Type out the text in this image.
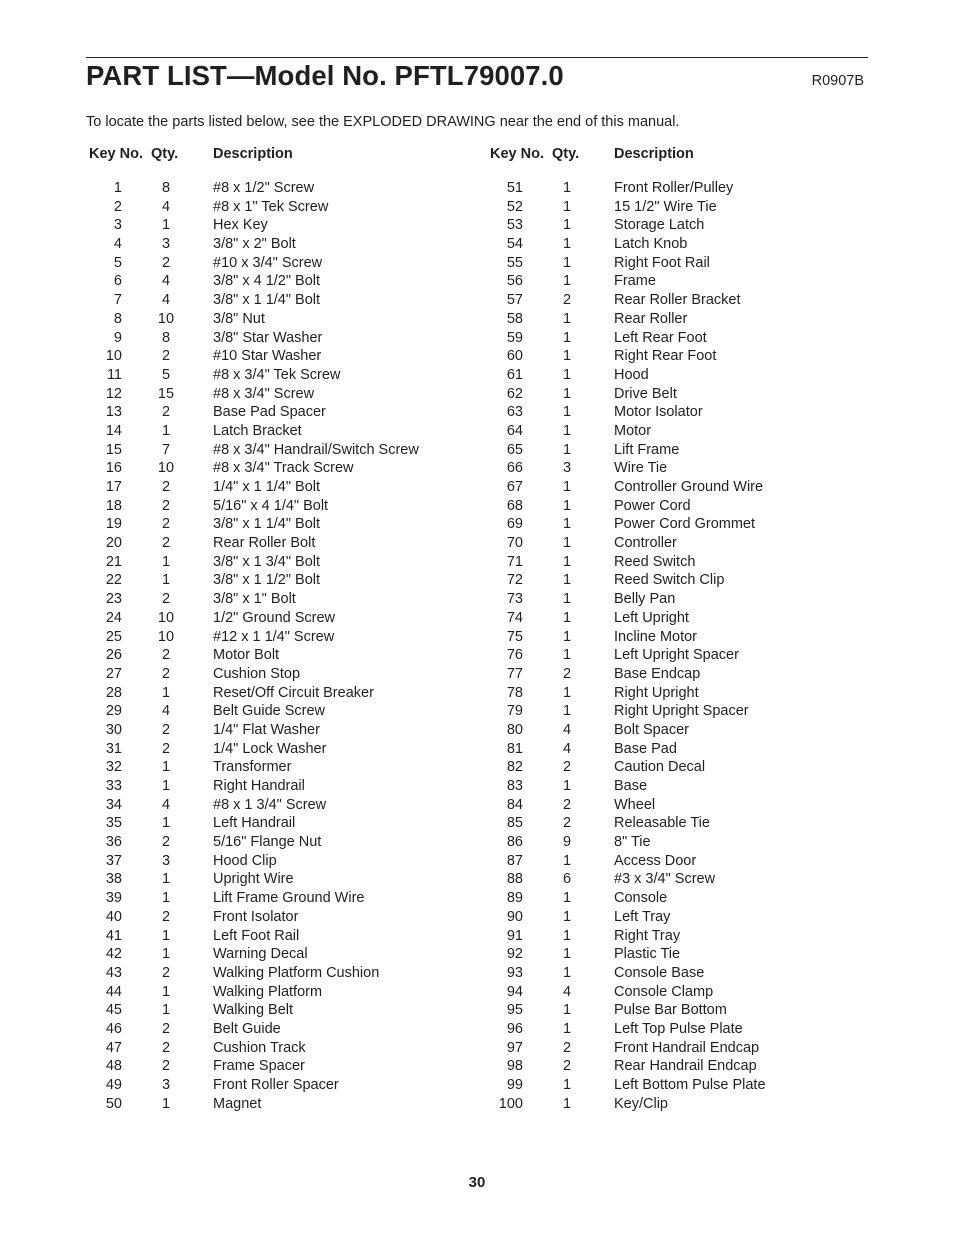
PART LIST—Model No. PFTL79007.0	R0907B
To locate the parts listed below, see the EXPLODED DRAWING near the end of this manual.
Key No. Qty. Description
1	8	#8 x 1/2" Screw
2	4	#8 x 1" Tek Screw
3	1	Hex Key
4	3	3/8" x 2" Bolt
5	2	#10 x 3/4" Screw
6	4	3/8" x 4 1/2" Bolt
7	4	3/8" x 1 1/4" Bolt
8	10	3/8" Nut
9	8	3/8" Star Washer
10	2	#10 Star Washer
11	5	#8 x 3/4" Tek Screw
12	15	#8 x 3/4" Screw
13	2	Base Pad Spacer
14	1	Latch Bracket
15	7	#8 x 3/4" Handrail/Switch Screw
16	10	#8 x 3/4" Track Screw
17	2	1/4" x 1 1/4" Bolt
18	2	5/16" x 4 1/4" Bolt
19	2	3/8" x 1 1/4" Bolt
20	2	Rear Roller Bolt
21	1	3/8" x 1 3/4" Bolt
22	1	3/8" x 1 1/2" Bolt
23	2	3/8" x 1" Bolt
24	10	1/2" Ground Screw
25	10	#12 x 1 1/4" Screw
26	2	Motor Bolt
27	2	Cushion Stop
28	1	Reset/Off Circuit Breaker
29	4	Belt Guide Screw
30	2	1/4" Flat Washer
31	2	1/4" Lock Washer
32	1	Transformer
33	1	Right Handrail
34	4	#8 x 1 3/4" Screw
35	1	Left Handrail
36	2	5/16" Flange Nut
37	3	Hood Clip
38	1	Upright Wire
39	1	Lift Frame Ground Wire
40	2	Front Isolator
41	1	Left Foot Rail
42	1	Warning Decal
43	2	Walking Platform Cushion
44	1	Walking Platform
45	1	Walking Belt
46	2	Belt Guide
47	2	Cushion Track
48	2	Frame Spacer
49	3	Front Roller Spacer
50	1	Magnet
Key No. Qty. Description
51	1	Front Roller/Pulley
52	1	15 1/2" Wire Tie
53	1	Storage Latch
54	1	Latch Knob
55	1	Right Foot Rail
56	1	Frame
57	2	Rear Roller Bracket
58	1	Rear Roller
59	1	Left Rear Foot
60	1	Right Rear Foot
61	1	Hood
62	1	Drive Belt
63	1	Motor Isolator
64	1	Motor
65	1	Lift Frame
66	3	Wire Tie
67	1	Controller Ground Wire
68	1	Power Cord
69	1	Power Cord Grommet
70	1	Controller
71	1	Reed Switch
72	1	Reed Switch Clip
73	1	Belly Pan
74	1	Left Upright
75	1	Incline Motor
76	1	Left Upright Spacer
77	2	Base Endcap
78	1	Right Upright
79	1	Right Upright Spacer
80	4	Bolt Spacer
81	4	Base Pad
82	2	Caution Decal
83	1	Base
84	2	Wheel
85	2	Releasable Tie
86	9	8" Tie
87	1	Access Door
88	6	#3 x 3/4" Screw
89	1	Console
90	1	Left Tray
91	1	Right Tray
92	1	Plastic Tie
93	1	Console Base
94	4	Console Clamp
95	1	Pulse Bar Bottom
96	1	Left Top Pulse Plate
97	2	Front Handrail Endcap
98	2	Rear Handrail Endcap
99	1	Left Bottom Pulse Plate
100	1	Key/Clip
30
